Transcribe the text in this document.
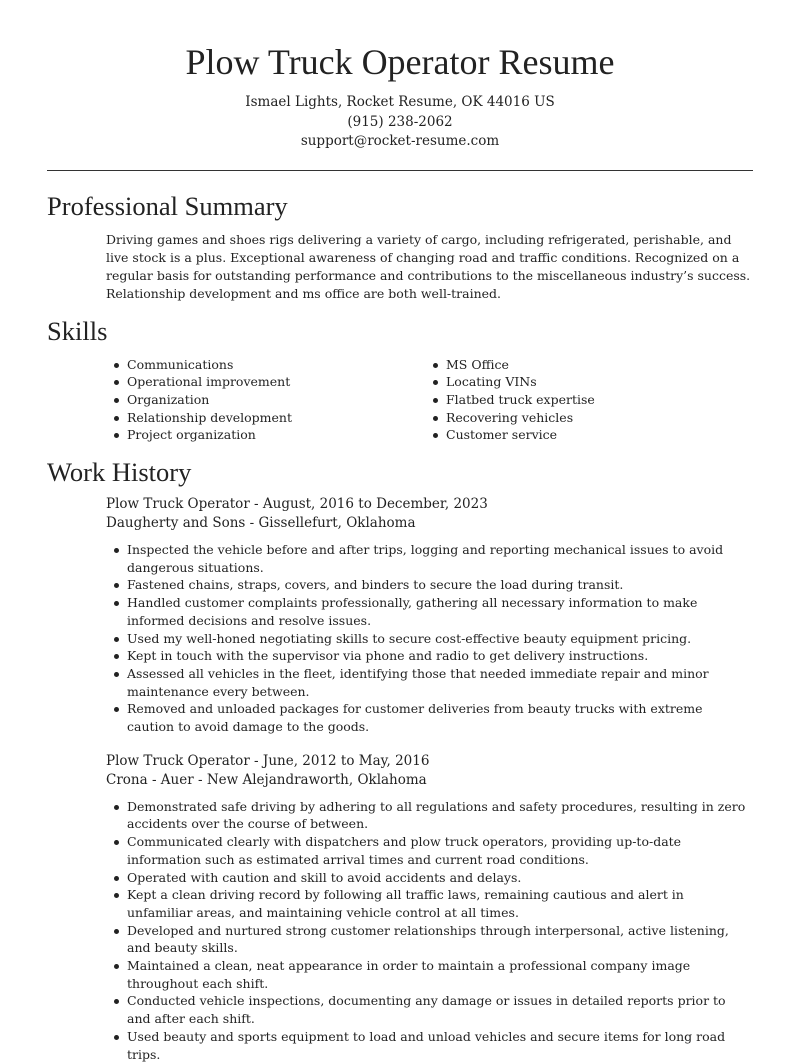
Plow Truck Operator Resume
Ismael Lights, Rocket Resume, OK 44016 US
(915) 238-2062
support@rocket-resume.com
Professional Summary
Driving games and shoes rigs delivering a variety of cargo, including refrigerated, perishable, and live stock is a plus. Exceptional awareness of changing road and traffic conditions. Recognized on a regular basis for outstanding performance and contributions to the miscellaneous industry’s success. Relationship development and ms office are both well-trained.
Skills
Communications
Operational improvement
Organization
Relationship development
Project organization
MS Office
Locating VINs
Flatbed truck expertise
Recovering vehicles
Customer service
Work History
Plow Truck Operator - August, 2016 to December, 2023
Daugherty and Sons - Gissellefurt, Oklahoma
Inspected the vehicle before and after trips, logging and reporting mechanical issues to avoid dangerous situations.
Fastened chains, straps, covers, and binders to secure the load during transit.
Handled customer complaints professionally, gathering all necessary information to make informed decisions and resolve issues.
Used my well-honed negotiating skills to secure cost-effective beauty equipment pricing.
Kept in touch with the supervisor via phone and radio to get delivery instructions.
Assessed all vehicles in the fleet, identifying those that needed immediate repair and minor maintenance every between.
Removed and unloaded packages for customer deliveries from beauty trucks with extreme caution to avoid damage to the goods.
Plow Truck Operator - June, 2012 to May, 2016
Crona - Auer - New Alejandraworth, Oklahoma
Demonstrated safe driving by adhering to all regulations and safety procedures, resulting in zero accidents over the course of between.
Communicated clearly with dispatchers and plow truck operators, providing up-to-date information such as estimated arrival times and current road conditions.
Operated with caution and skill to avoid accidents and delays.
Kept a clean driving record by following all traffic laws, remaining cautious and alert in unfamiliar areas, and maintaining vehicle control at all times.
Developed and nurtured strong customer relationships through interpersonal, active listening, and beauty skills.
Maintained a clean, neat appearance in order to maintain a professional company image throughout each shift.
Conducted vehicle inspections, documenting any damage or issues in detailed reports prior to and after each shift.
Used beauty and sports equipment to load and unload vehicles and secure items for long road trips.
